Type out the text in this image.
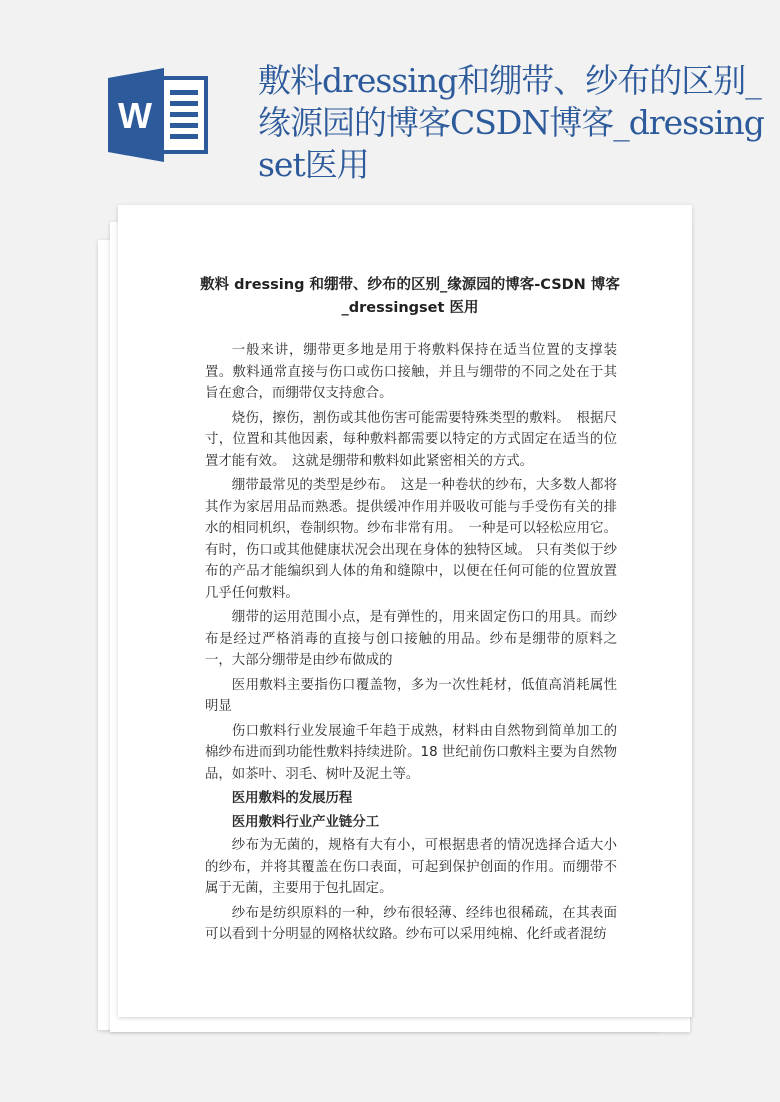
W
敷料dressing和绷带、纱布的区别_缘源园的博客CSDN博客_dressingset医用
敷料 dressing 和绷带、纱布的区别_缘源园的博客-CSDN 博客_dressingset 医用

一般来讲，绷带更多地是用于将敷料保持在适当位置的支撑装置。敷料通常直接与伤口或伤口接触，并且与绷带的不同之处在于其旨在愈合，而绷带仅支持愈合。

烧伤，擦伤，割伤或其他伤害可能需要特殊类型的敷料。　根据尺寸，位置和其他因素，每种敷料都需要以特定的方式固定在适当的位置才能有效。　这就是绷带和敷料如此紧密相关的方式。

绷带最常见的类型是纱布。　这是一种卷状的纱布，大多数人都将其作为家居用品而熟悉。提供缓冲作用并吸收可能与手受伤有关的排水的相同机织，卷制织物。纱布非常有用。　一种是可以轻松应用它。有时，伤口或其他健康状况会出现在身体的独特区域。 只有类似于纱布的产品才能编织到人体的角和缝隙中，以便在任何可能的位置放置几乎任何敷料。

绷带的运用范围小点，是有弹性的，用来固定伤口的用具。而纱布是经过严格消毒的直接与创口接触的用品。纱布是绷带的原料之一，大部分绷带是由纱布做成的

医用敷料主要指伤口覆盖物，多为一次性耗材，低值高消耗属性明显

伤口敷料行业发展逾千年趋于成熟，材料由自然物到简单加工的棉纱布进而到功能性敷料持续进阶。18 世纪前伤口敷料主要为自然物品，如茶叶、羽毛、树叶及泥土等。

医用敷料的发展历程

医用敷料行业产业链分工

纱布为无菌的，规格有大有小，可根据患者的情况选择合适大小的纱布，并将其覆盖在伤口表面，可起到保护创面的作用。而绷带不属于无菌，主要用于包扎固定。

纱布是纺织原料的一种，纱布很轻薄、经纬也很稀疏，在其表面可以看到十分明显的网格状纹路。纱布可以采用纯棉、化纤或者混纺
